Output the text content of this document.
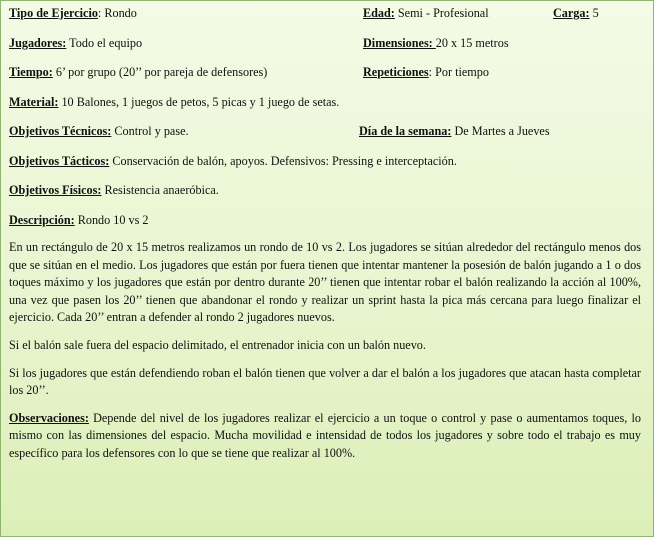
Tipo de Ejercicio: Rondo	Edad: Semi - Profesional	Carga: 5
Jugadores: Todo el equipo	Dimensiones: 20 x 15 metros
Tiempo: 6’ por grupo (20’’ por pareja de defensores)	Repeticiones: Por tiempo
Material: 10 Balones, 1 juegos de petos, 5 picas y 1 juego de setas.
Objetivos Técnicos: Control y pase.	Día de la semana: De Martes a Jueves
Objetivos Tácticos: Conservación de balón, apoyos. Defensivos: Pressing e interceptación.
Objetivos Físicos: Resistencia anaeróbica.
Descripción: Rondo 10 vs 2

En un rectángulo de 20 x 15 metros realizamos un rondo de 10 vs 2. Los jugadores se sitúan alrededor del rectángulo menos dos que se sitúan en el medio. Los jugadores que están por fuera tienen que intentar mantener la posesión de balón jugando a 1 o dos toques máximo y los jugadores que están por dentro durante 20’’ tienen que intentar robar el balón realizando la acción al 100%, una vez que pasen los 20’’ tienen que abandonar el rondo y realizar un sprint hasta la pica más cercana para luego finalizar el ejercicio. Cada 20’’ entran a defender al rondo 2 jugadores nuevos.

Si el balón sale fuera del espacio delimitado, el entrenador inicia con un balón nuevo.

Si los jugadores que están defendiendo roban el balón tienen que volver a dar el balón a los jugadores que atacan hasta completar los 20’’.

Observaciones: Depende del nivel de los jugadores realizar el ejercicio a un toque o control y pase o aumentamos toques, lo mismo con las dimensiones del espacio. Mucha movilidad e intensidad de todos los jugadores y sobre todo el trabajo es muy específico para los defensores con lo que se tiene que realizar al 100%.
